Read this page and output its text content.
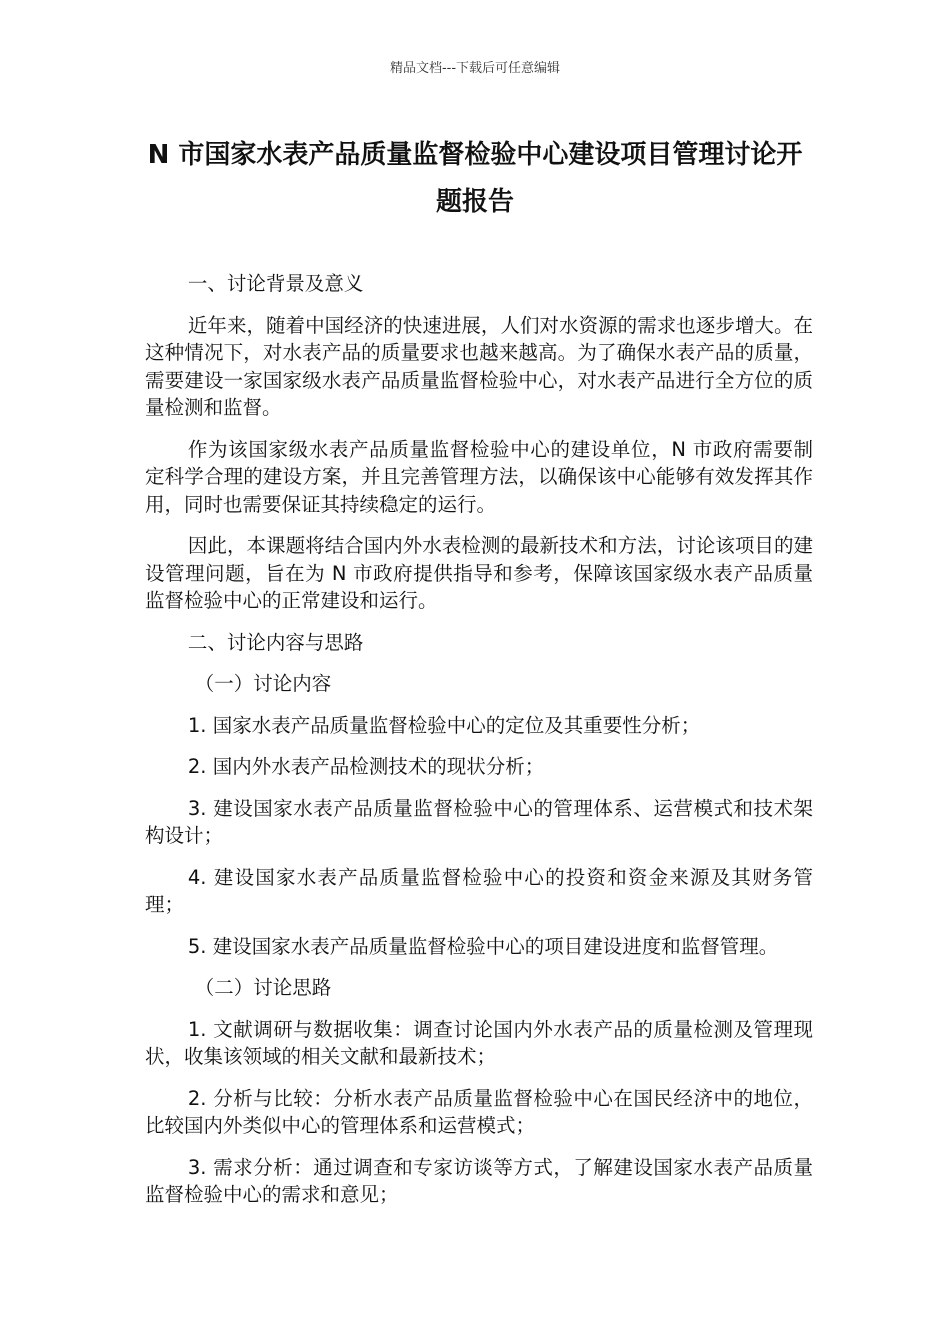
精品文档---下载后可任意编辑
N 市国家水表产品质量监督检验中心建设项目管理讨论开题报告

一、讨论背景及意义

近年来，随着中国经济的快速进展，人们对水资源的需求也逐步增大。在这种情况下，对水表产品的质量要求也越来越高。为了确保水表产品的质量，需要建设一家国家级水表产品质量监督检验中心，对水表产品进行全方位的质量检测和监督。

作为该国家级水表产品质量监督检验中心的建设单位，N 市政府需要制定科学合理的建设方案，并且完善管理方法，以确保该中心能够有效发挥其作用，同时也需要保证其持续稳定的运行。

因此，本课题将结合国内外水表检测的最新技术和方法，讨论该项目的建设管理问题，旨在为 N 市政府提供指导和参考，保障该国家级水表产品质量监督检验中心的正常建设和运行。

二、讨论内容与思路

（一）讨论内容

1. 国家水表产品质量监督检验中心的定位及其重要性分析；

2. 国内外水表产品检测技术的现状分析；

3. 建设国家水表产品质量监督检验中心的管理体系、运营模式和技术架构设计；

4. 建设国家水表产品质量监督检验中心的投资和资金来源及其财务管理；

5. 建设国家水表产品质量监督检验中心的项目建设进度和监督管理。

（二）讨论思路

1. 文献调研与数据收集：调查讨论国内外水表产品的质量检测及管理现状，收集该领域的相关文献和最新技术；

2. 分析与比较：分析水表产品质量监督检验中心在国民经济中的地位，比较国内外类似中心的管理体系和运营模式；

3. 需求分析：通过调查和专家访谈等方式，了解建设国家水表产品质量监督检验中心的需求和意见；
